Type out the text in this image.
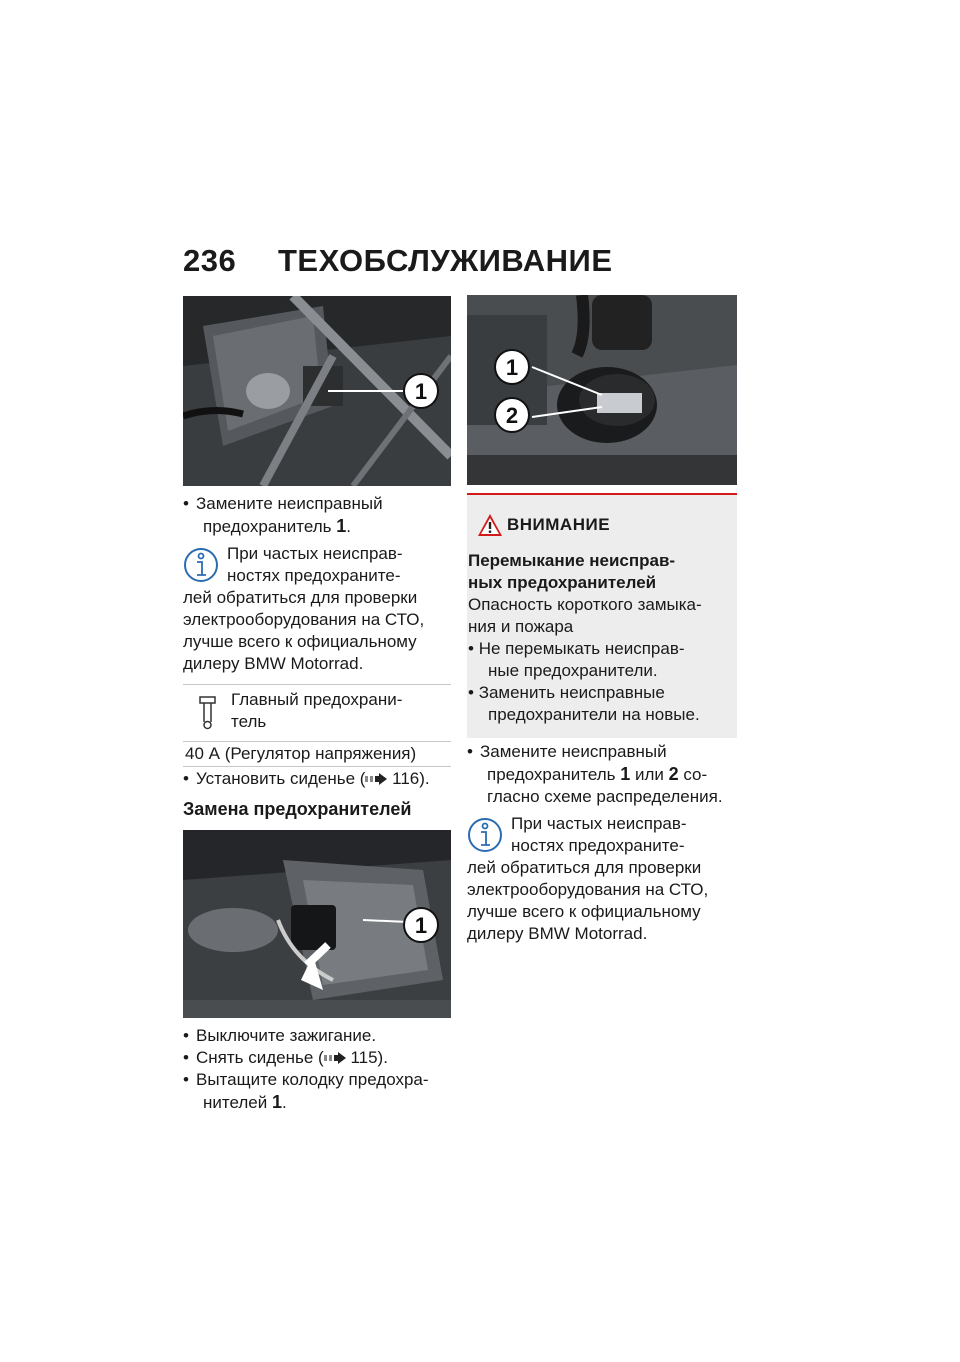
236 ТЕХОБСЛУЖИВАНИЕ
1
• Замените неисправный
предохранитель 1.
При частых неисправ-
ностях предохраните-
лей обратиться для проверки
электрооборудования на СТО,
лучше всего к официальному
дилеру BMW Motorrad.
Главный предохрани-
тель
40 А (Регулятор напряжения)
• Установить сиденье ( 116).
Замена предохранителей
1
• Выключите зажигание.
• Снять сиденье ( 115).
• Вытащите колодку предохра-
нителей 1.
1
2
ВНИМАНИЕ
Перемыкание неисправ-
ных предохранителей
Опасность короткого замыка-
ния и пожара
• Не перемыкать неисправ-
ные предохранители.
• Заменить неисправные
предохранители на новые.
• Замените неисправный
предохранитель 1 или 2 со-
гласно схеме распределения.
При частых неисправ-
ностях предохраните-
лей обратиться для проверки
электрооборудования на СТО,
лучше всего к официальному
дилеру BMW Motorrad.
